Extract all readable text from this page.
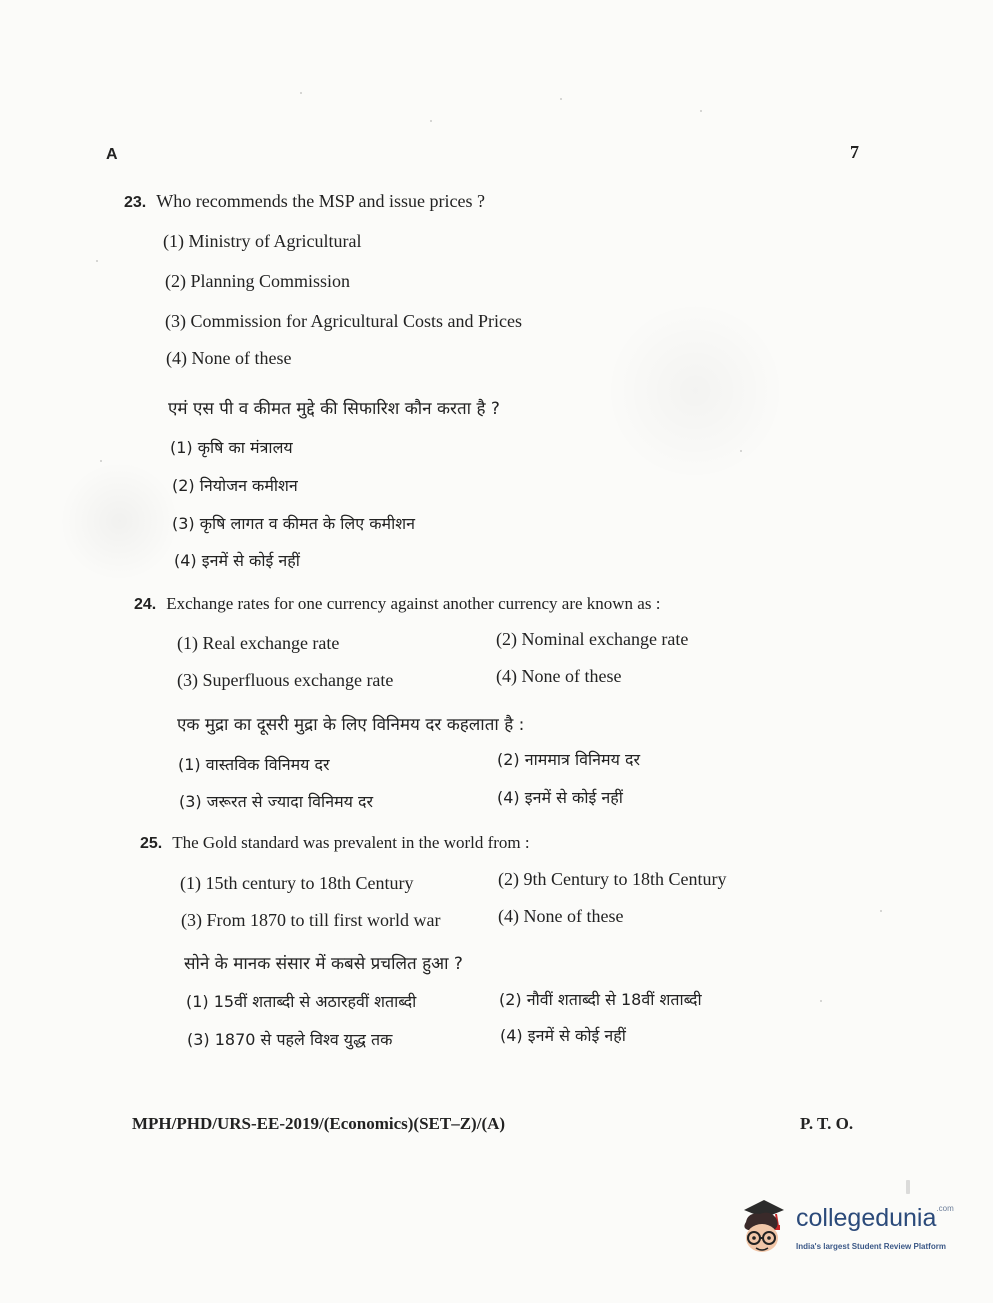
A	7
23. Who recommends the MSP and issue prices ?
(1) Ministry of Agricultural
(2) Planning Commission
(3) Commission for Agricultural Costs and Prices
(4) None of these
एमं एस पी व कीमत मुद्दे की सिफारिश कौन करता है ?
(1) कृषि का मंत्रालय
(2) नियोजन कमीशन
(3) कृषि लागत व कीमत के लिए कमीशन
(4) इनमें से कोई नहीं
24. Exchange rates for one currency against another currency are known as :
(1) Real exchange rate	(2) Nominal exchange rate
(3) Superfluous exchange rate	(4) None of these
एक मुद्रा का दूसरी मुद्रा के लिए विनिमय दर कहलाता है :
(1) वास्तविक विनिमय दर	(2) नाममात्र विनिमय दर
(3) जरूरत से ज्यादा विनिमय दर	(4) इनमें से कोई नहीं
25. The Gold standard was prevalent in the world from :
(1) 15th century to 18th Century	(2) 9th Century to 18th Century
(3) From 1870 to till first world war	(4) None of these
सोने के मानक संसार में कबसे प्रचलित हुआ ?
(1) 15वीं शताब्दी से अठारहवीं शताब्दी	(2) नौवीं शताब्दी से 18वीं शताब्दी
(3) 1870 से पहले विश्व युद्ध तक	(4) इनमें से कोई नहीं
MPH/PHD/URS-EE-2019/(Economics)(SET–Z)/(A)	P. T. O.
collegedunia$^{.com}$
India's largest Student Review Platform
